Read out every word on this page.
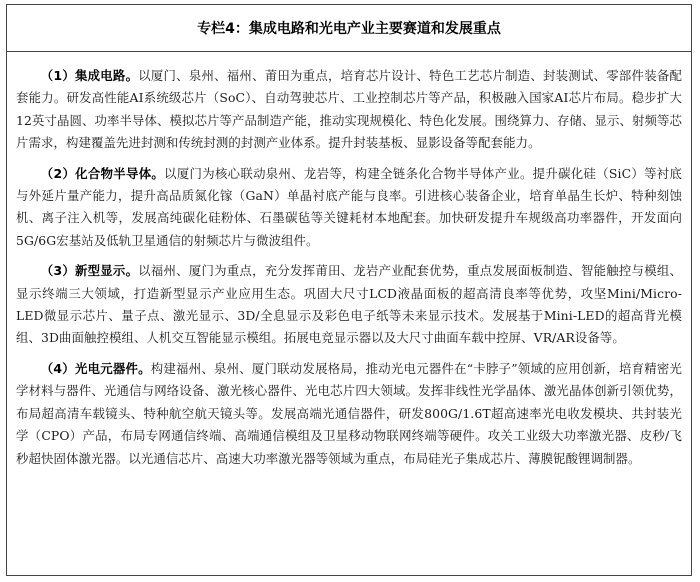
专栏4：集成电路和光电产业主要赛道和发展重点

（1）集成电路。以厦门、泉州、福州、莆田为重点，培育芯片设计、特色工艺芯片制造、封装测试、零部件装备配套能力。研发高性能AI系统级芯片（SoC）、自动驾驶芯片、工业控制芯片等产品，积极融入国家AI芯片布局。稳步扩大12英寸晶圆、功率半导体、模拟芯片等产品制造产能，推动实现规模化、特色化发展。围绕算力、存储、显示、射频等芯片需求，构建覆盖先进封测和传统封测的封测产业体系。提升封装基板、显影设备等配套能力。

（2）化合物半导体。以厦门为核心联动泉州、龙岩等，构建全链条化合物半导体产业。提升碳化硅（SiC）等衬底与外延片量产能力，提升高品质氮化镓（GaN）单晶衬底产能与良率。引进核心装备企业，培育单晶生长炉、特种刻蚀机、离子注入机等，发展高纯碳化硅粉体、石墨碳毡等关键耗材本地配套。加快研发提升车规级高功率器件，开发面向5G/6G宏基站及低轨卫星通信的射频芯片与微波组件。

（3）新型显示。以福州、厦门为重点，充分发挥莆田、龙岩产业配套优势，重点发展面板制造、智能触控与模组、显示终端三大领域，打造新型显示产业应用生态。巩固大尺寸LCD液晶面板的超高清良率等优势，攻坚Mini/Micro-LED微显示芯片、量子点、激光显示、3D/全息显示及彩色电子纸等未来显示技术。发展基于Mini-LED的超高背光模组、3D曲面触控模组、人机交互智能显示模组。拓展电竞显示器以及大尺寸曲面车载中控屏、VR/AR设备等。

（4）光电元器件。构建福州、泉州、厦门联动发展格局，推动光电元器件在“卡脖子”领域的应用创新，培育精密光学材料与器件、光通信与网络设备、激光核心器件、光电芯片四大领域。发挥非线性光学晶体、激光晶体创新引领优势，布局超高清车载镜头、特种航空航天镜头等。发展高端光通信器件，研发800G/1.6T超高速率光电收发模块、共封装光学（CPO）产品，布局专网通信终端、高端通信模组及卫星移动物联网终端等硬件。攻关工业级大功率激光器、皮秒/飞秒超快固体激光器。以光通信芯片、高速大功率激光器等领域为重点，布局硅光子集成芯片、薄膜铌酸锂调制器。
